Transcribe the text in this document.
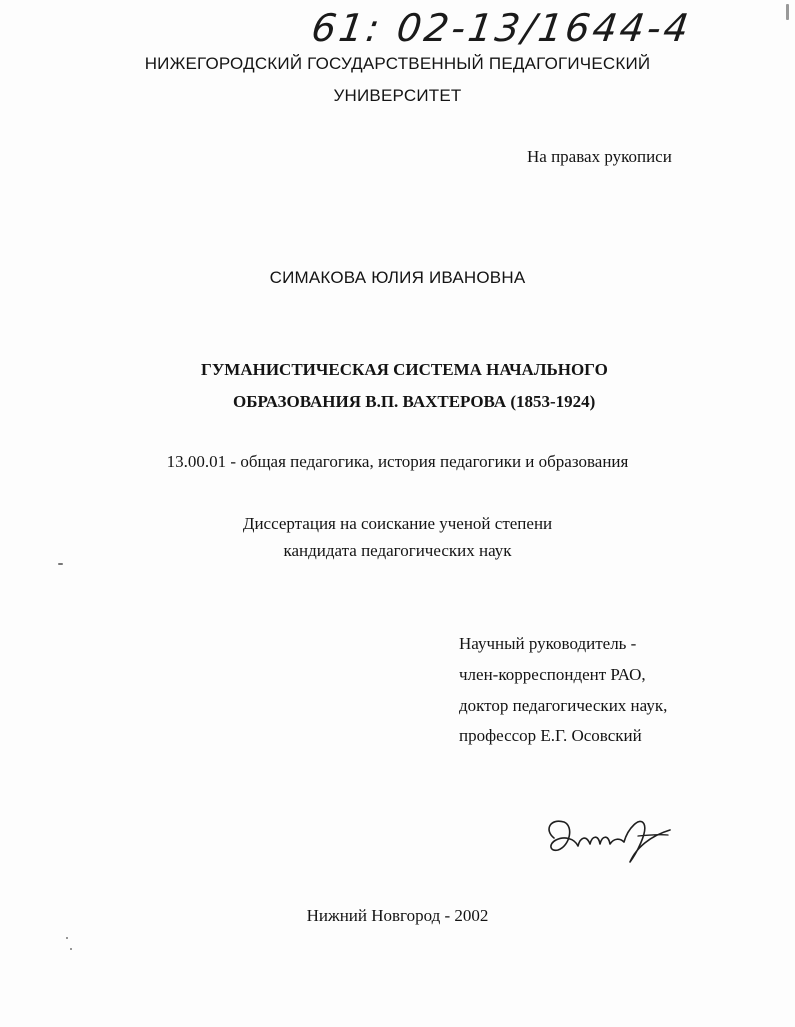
61: 02-13/1644-4
НИЖЕГОРОДСКИЙ ГОСУДАРСТВЕННЫЙ ПЕДАГОГИЧЕСКИЙ
УНИВЕРСИТЕТ
На правах рукописи
СИМАКОВА ЮЛИЯ ИВАНОВНА
ГУМАНИСТИЧЕСКАЯ СИСТЕМА НАЧАЛЬНОГО
ОБРАЗОВАНИЯ В.П. ВАХТЕРОВА (1853-1924)
13.00.01 - общая педагогика, история педагогики и образования
Диссертация на соискание ученой степени
кандидата педагогических наук
Научный руководитель -
член-корреспондент РАО,
доктор педагогических наук,
профессор Е.Г. Осовский
Нижний Новгород - 2002
